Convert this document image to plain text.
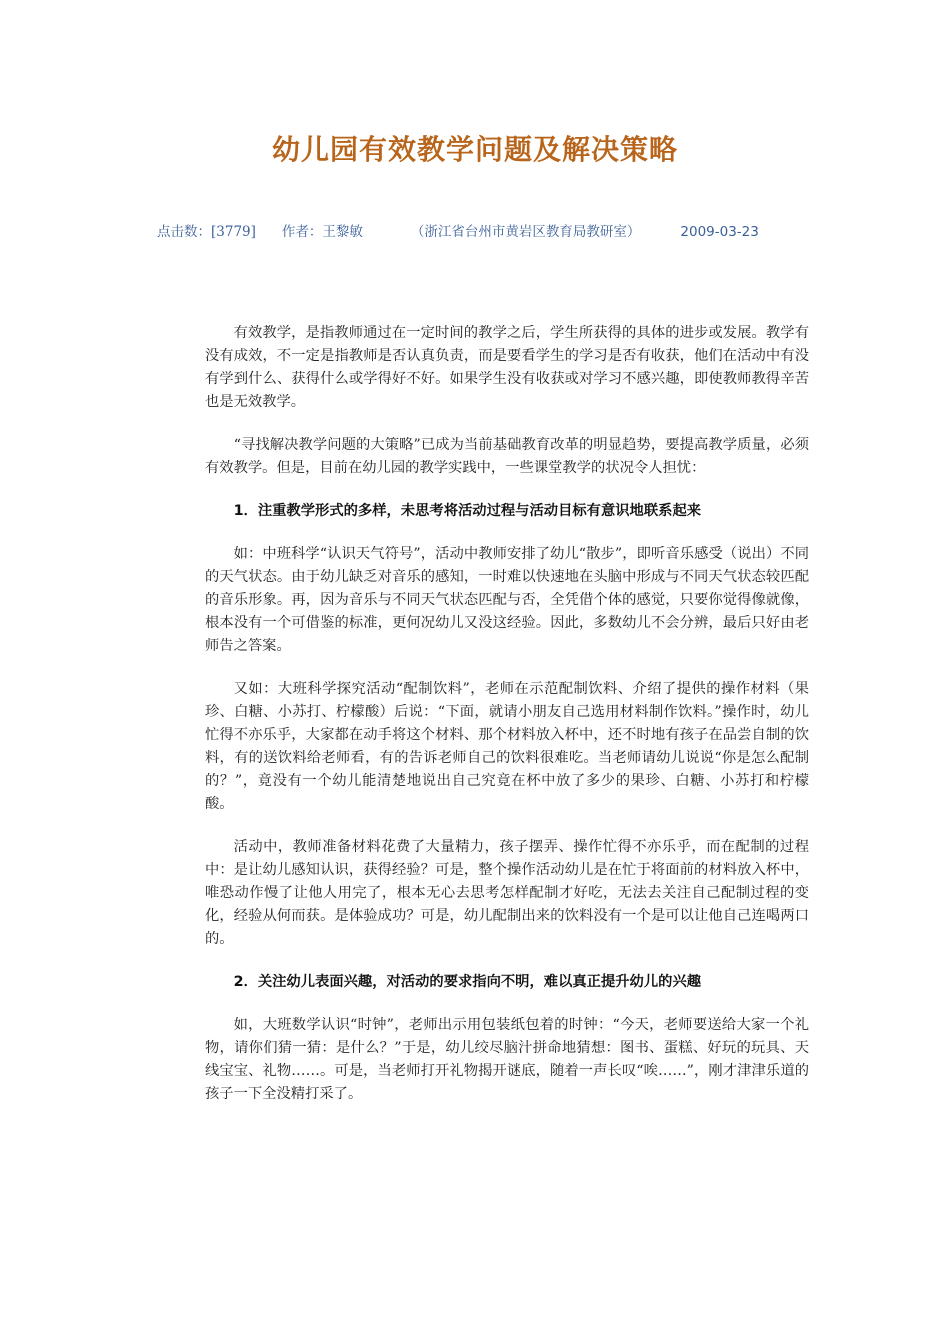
幼儿园有效教学问题及解决策略
点击数：[3779] 作者：王黎敏	（浙江省台州市黄岩区教育局教研室）	2009-03-23

有效教学，是指教师通过在一定时间的教学之后，学生所获得的具体的进步或发展。教学有没有成效，不一定是指教师是否认真负责，而是要看学生的学习是否有收获，他们在活动中有没有学到什么、获得什么或学得好不好。如果学生没有收获或对学习不感兴趣，即使教师教得辛苦也是无效教学。

“寻找解决教学问题的大策略”已成为当前基础教育改革的明显趋势，要提高教学质量，必须有效教学。但是，目前在幼儿园的教学实践中，一些课堂教学的状况令人担忧：

1．注重教学形式的多样，未思考将活动过程与活动目标有意识地联系起来

如：中班科学“认识天气符号”，活动中教师安排了幼儿“散步”，即听音乐感受（说出）不同的天气状态。由于幼儿缺乏对音乐的感知，一时难以快速地在头脑中形成与不同天气状态较匹配的音乐形象。再，因为音乐与不同天气状态匹配与否，全凭借个体的感觉，只要你觉得像就像，根本没有一个可借鉴的标准，更何况幼儿又没这经验。因此，多数幼儿不会分辨，最后只好由老师告之答案。

又如：大班科学探究活动“配制饮料”，老师在示范配制饮料、介绍了提供的操作材料（果珍、白糖、小苏打、柠檬酸）后说：“下面，就请小朋友自己选用材料制作饮料。”操作时，幼儿忙得不亦乐乎，大家都在动手将这个材料、那个材料放入杯中，还不时地有孩子在品尝自制的饮料，有的送饮料给老师看，有的告诉老师自己的饮料很难吃。当老师请幼儿说说“你是怎么配制的？”，竟没有一个幼儿能清楚地说出自己究竟在杯中放了多少的果珍、白糖、小苏打和柠檬酸。

活动中，教师准备材料花费了大量精力，孩子摆弄、操作忙得不亦乐乎，而在配制的过程中：是让幼儿感知认识，获得经验？可是，整个操作活动幼儿是在忙于将面前的材料放入杯中，唯恐动作慢了让他人用完了，根本无心去思考怎样配制才好吃，无法去关注自己配制过程的变化，经验从何而获。是体验成功？可是，幼儿配制出来的饮料没有一个是可以让他自己连喝两口的。

2．关注幼儿表面兴趣，对活动的要求指向不明，难以真正提升幼儿的兴趣

如，大班数学认识“时钟”，老师出示用包装纸包着的时钟：“今天，老师要送给大家一个礼物，请你们猜一猜：是什么？”于是，幼儿绞尽脑汁拼命地猜想：图书、蛋糕、好玩的玩具、天线宝宝、礼物……。可是，当老师打开礼物揭开谜底，随着一声长叹“唉……”，刚才津津乐道的孩子一下全没精打采了。
